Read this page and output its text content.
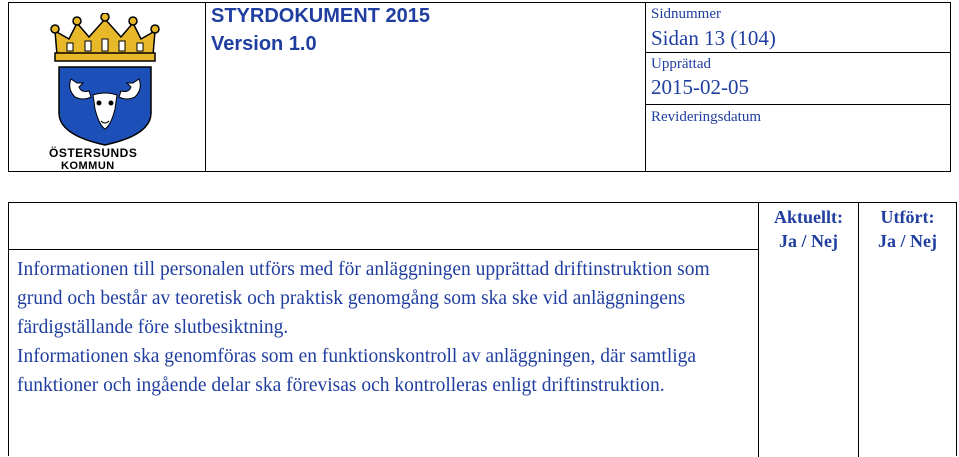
ÖSTERSUNDS
KOMMUN
STYRDOKUMENT 2015
Version 1.0
Sidnummer
Sidan 13 (104)
Upprättad
2015-02-05
Revideringsdatum

Informationen till personalen utförs med för anläggningen upprättad driftinstruktion som grund och består av teoretisk och praktisk genomgång som ska ske vid anläggningens färdigställande före slutbesiktning.

Informationen ska genomföras som en funktionskontroll av anläggningen, där samtliga funktioner och ingående delar ska förevisas och kontrolleras enligt driftinstruktion.

Aktuellt:
Ja / Nej
Utfört:
Ja / Nej
